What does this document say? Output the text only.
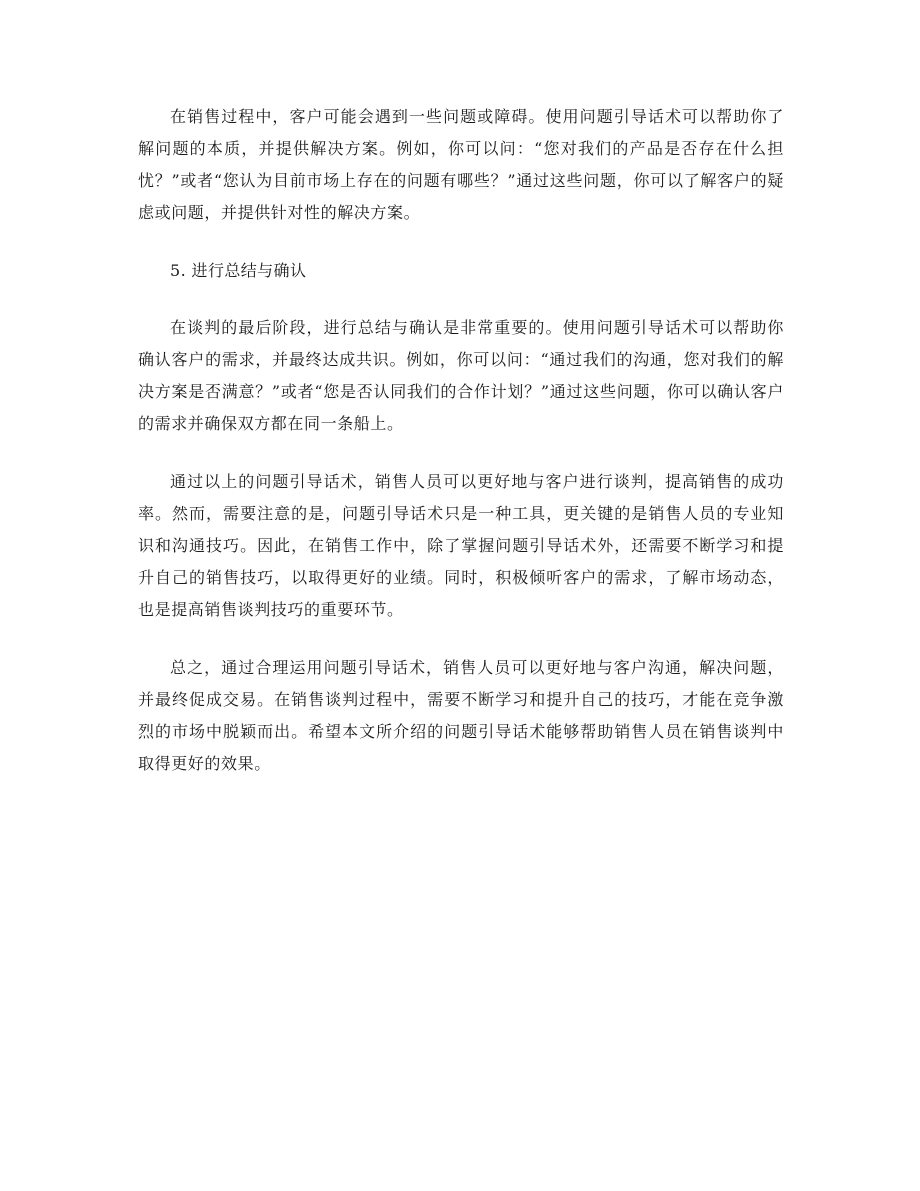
在销售过程中，客户可能会遇到一些问题或障碍。使用问题引导话术可以帮助你了解问题的本质，并提供解决方案。例如，你可以问：“您对我们的产品是否存在什么担忧？”或者“您认为目前市场上存在的问题有哪些？”通过这些问题，你可以了解客户的疑虑或问题，并提供针对性的解决方案。

5. 进行总结与确认

在谈判的最后阶段，进行总结与确认是非常重要的。使用问题引导话术可以帮助你确认客户的需求，并最终达成共识。例如，你可以问：“通过我们的沟通，您对我们的解决方案是否满意？”或者“您是否认同我们的合作计划？”通过这些问题，你可以确认客户的需求并确保双方都在同一条船上。

通过以上的问题引导话术，销售人员可以更好地与客户进行谈判，提高销售的成功率。然而，需要注意的是，问题引导话术只是一种工具，更关键的是销售人员的专业知识和沟通技巧。因此，在销售工作中，除了掌握问题引导话术外，还需要不断学习和提升自己的销售技巧，以取得更好的业绩。同时，积极倾听客户的需求，了解市场动态，也是提高销售谈判技巧的重要环节。

总之，通过合理运用问题引导话术，销售人员可以更好地与客户沟通，解决问题，并最终促成交易。在销售谈判过程中，需要不断学习和提升自己的技巧，才能在竞争激烈的市场中脱颖而出。希望本文所介绍的问题引导话术能够帮助销售人员在销售谈判中取得更好的效果。
